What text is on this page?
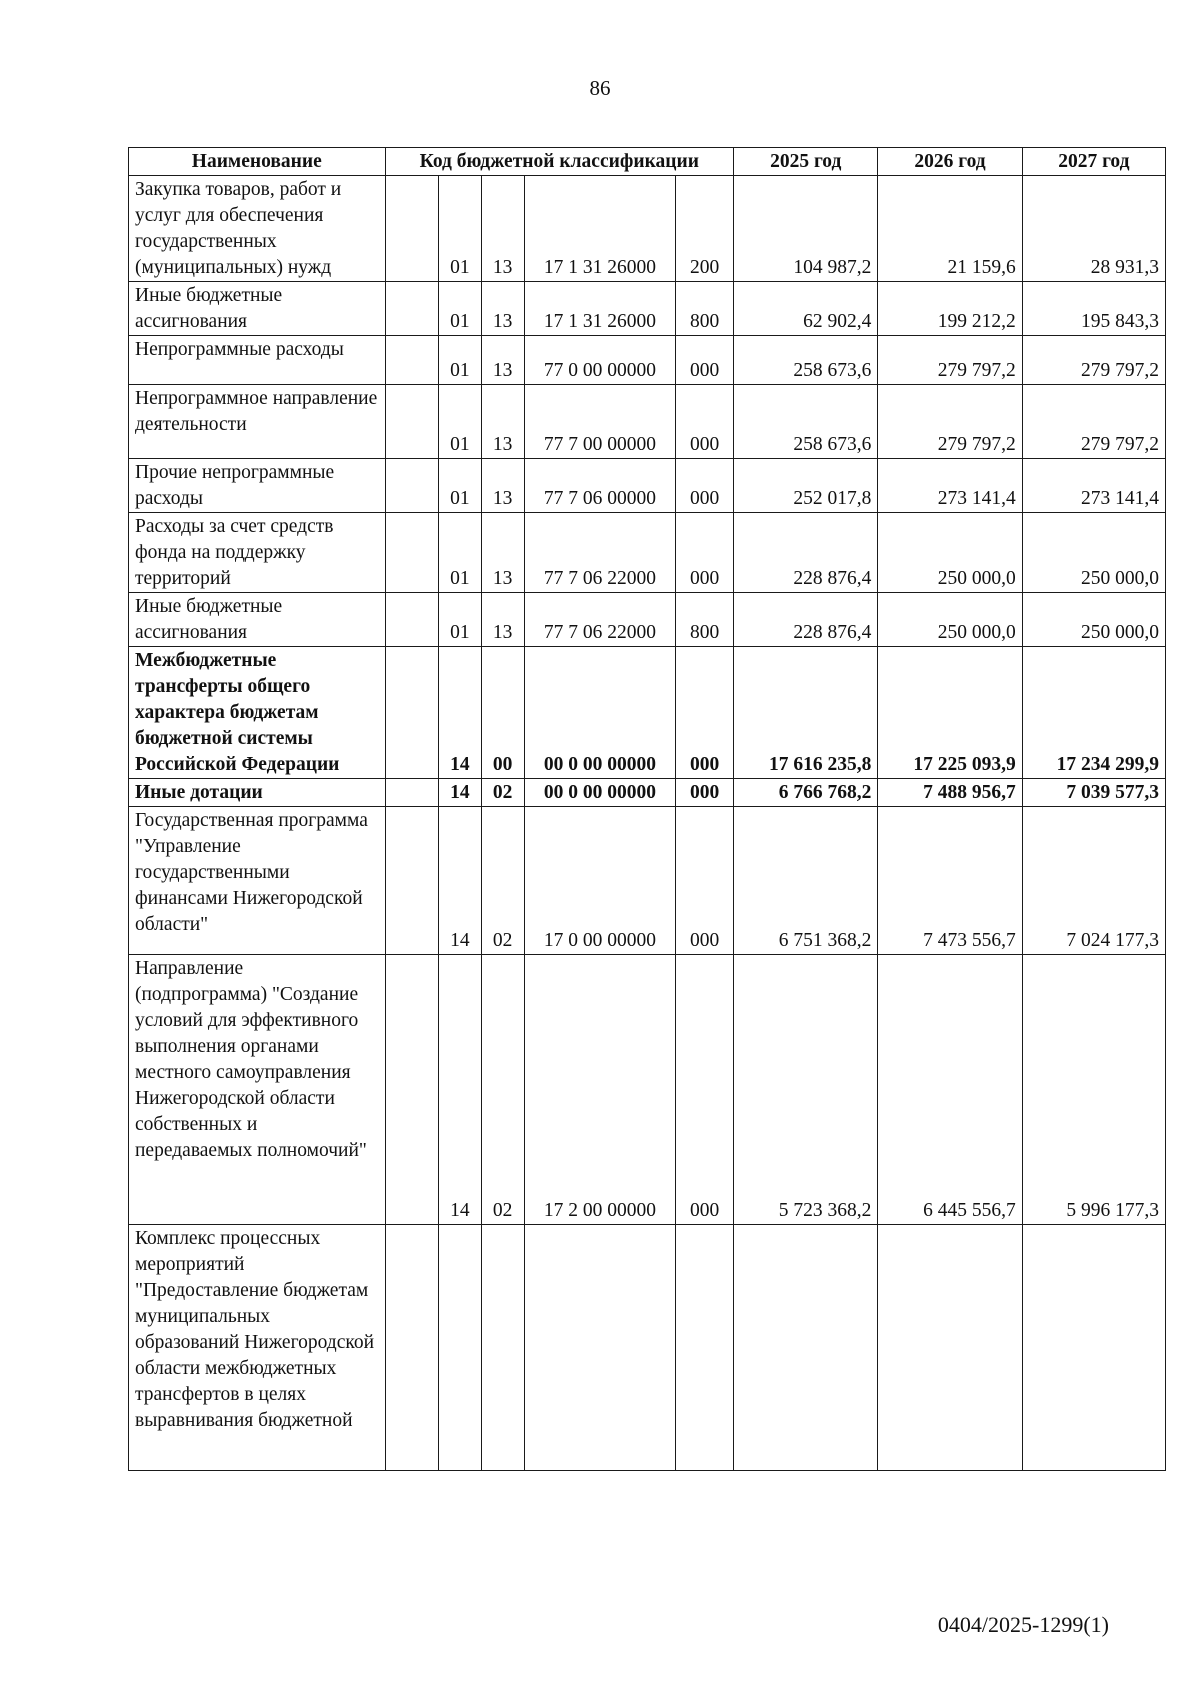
86
Наименование	Код бюджетной классификации					2025 год	2026 год	2027 год
Закупка товаров, работ и услуг для обеспечения государственных (муниципальных) нужд		01	13	17 1 31 26000	200	104 987,2	21 159,6	28 931,3
Иные бюджетные ассигнования		01	13	17 1 31 26000	800	62 902,4	199 212,2	195 843,3
Непрограммные расходы		01	13	77 0 00 00000	000	258 673,6	279 797,2	279 797,2
Непрограммное направление деятельности		01	13	77 7 00 00000	000	258 673,6	279 797,2	279 797,2
Прочие непрограммные расходы		01	13	77 7 06 00000	000	252 017,8	273 141,4	273 141,4
Расходы за счет средств фонда на поддержку территорий		01	13	77 7 06 22000	000	228 876,4	250 000,0	250 000,0
Иные бюджетные ассигнования		01	13	77 7 06 22000	800	228 876,4	250 000,0	250 000,0
Межбюджетные трансферты общего характера бюджетам бюджетной системы Российской Федерации		14	00	00 0 00 00000	000	17 616 235,8	17 225 093,9	17 234 299,9
Иные дотации		14	02	00 0 00 00000	000	6 766 768,2	7 488 956,7	7 039 577,3
Государственная программа "Управление государственными финансами Нижегородской области"		14	02	17 0 00 00000	000	6 751 368,2	7 473 556,7	7 024 177,3
Направление (подпрограмма) "Создание условий для эффективного выполнения органами местного самоуправления Нижегородской области собственных и передаваемых полномочий"		14	02	17 2 00 00000	000	5 723 368,2	6 445 556,7	5 996 177,3
Комплекс процессных мероприятий "Предоставление бюджетам муниципальных образований Нижегородской области межбюджетных трансфертов в целях выравнивания бюджетной								
0404/2025-1299(1)
